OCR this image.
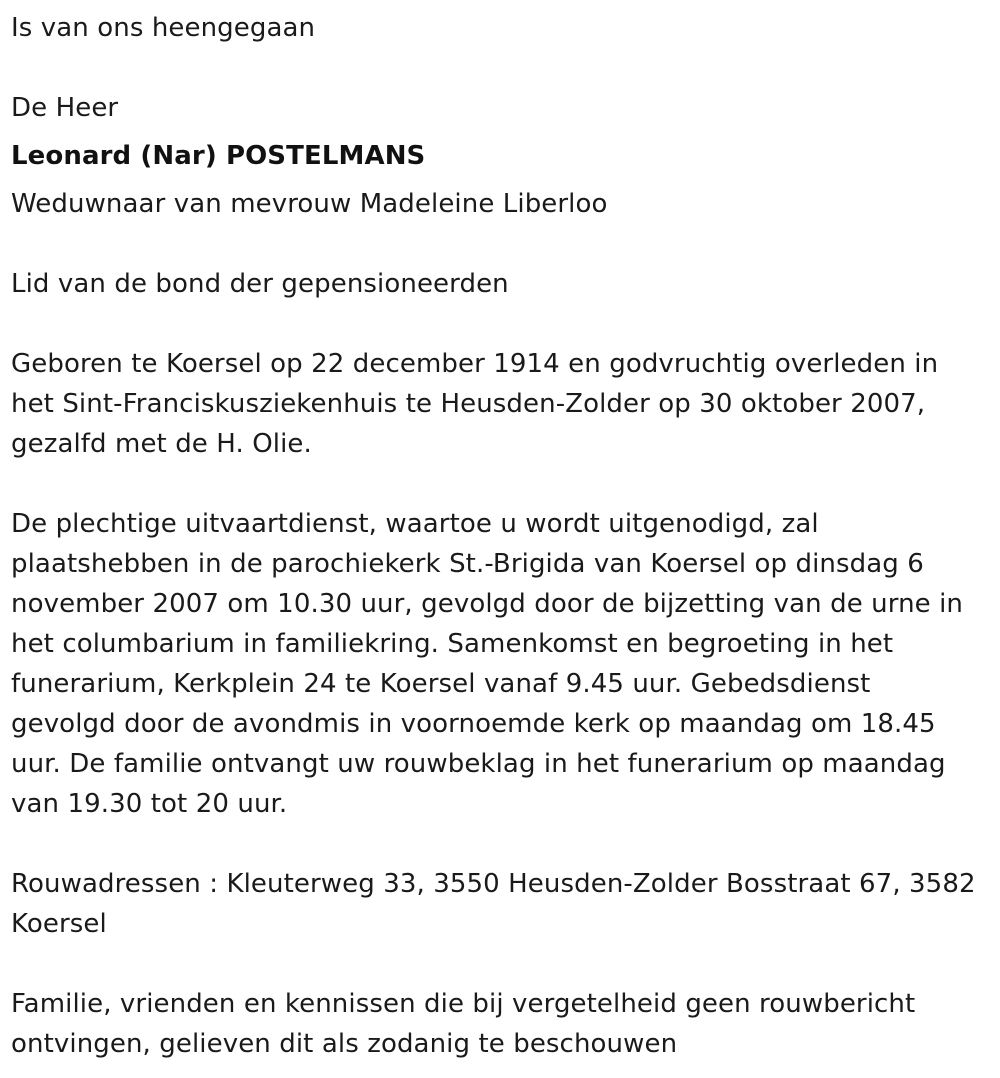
Is van ons heengegaan

De Heer

Leonard (Nar) POSTELMANS

Weduwnaar van mevrouw Madeleine Liberloo

Lid van de bond der gepensioneerden

Geboren te Koersel op 22 december 1914 en godvruchtig overleden in het Sint-Franciskusziekenhuis te Heusden-Zolder op 30 oktober 2007, gezalfd met de H. Olie.

De plechtige uitvaartdienst, waartoe u wordt uitgenodigd, zal plaatshebben in de parochiekerk St.-Brigida van Koersel op dinsdag 6 november 2007 om 10.30 uur, gevolgd door de bijzetting van de urne in het columbarium in familiekring. Samenkomst en begroeting in het funerarium, Kerkplein 24 te Koersel vanaf 9.45 uur. Gebedsdienst gevolgd door de avondmis in voornoemde kerk op maandag om 18.45 uur. De familie ontvangt uw rouwbeklag in het funerarium op maandag van 19.30 tot 20 uur.

Rouwadressen : Kleuterweg 33, 3550 Heusden-Zolder Bosstraat 67, 3582 Koersel

Familie, vrienden en kennissen die bij vergetelheid geen rouwbericht ontvingen, gelieven dit als zodanig te beschouwen
